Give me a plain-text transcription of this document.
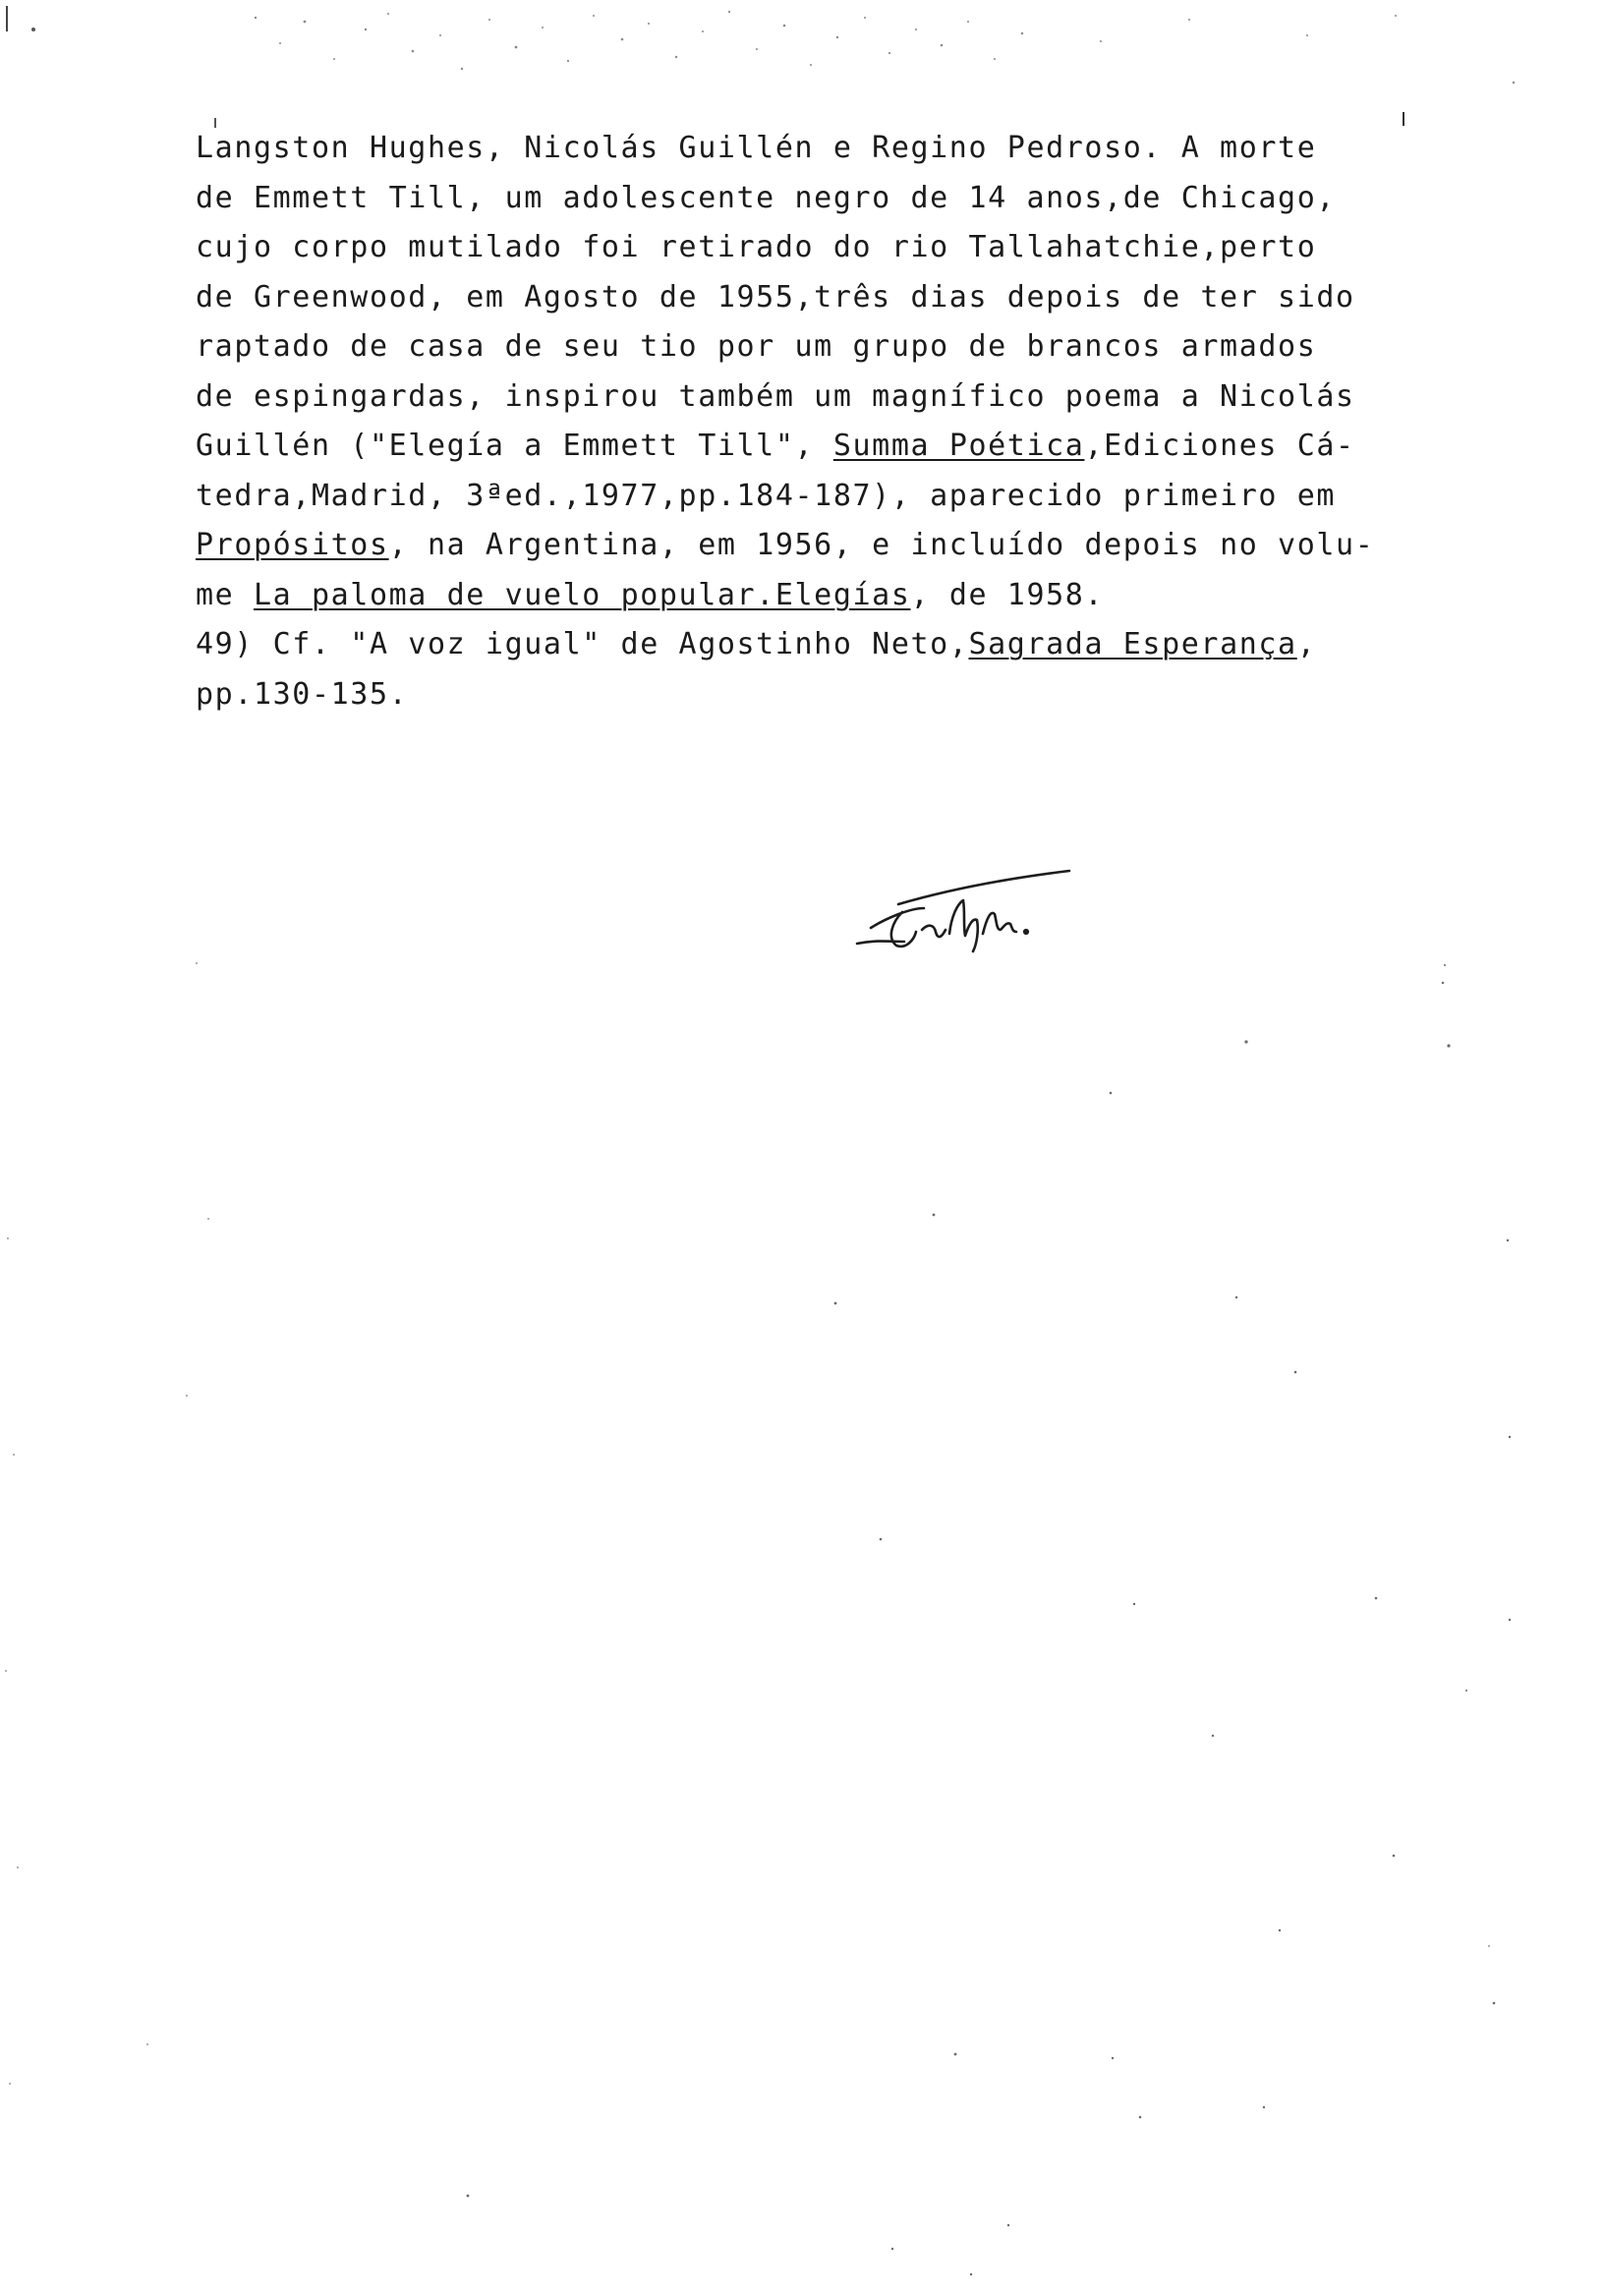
Langston Hughes, Nicolás Guillén e Regino Pedroso. A morte
de Emmett Till, um adolescente negro de 14 anos,de Chicago,
cujo corpo mutilado foi retirado do rio Tallahatchie,perto
de Greenwood, em Agosto de 1955,três dias depois de ter sido
raptado de casa de seu tio por um grupo de brancos armados
de espingardas, inspirou também um magnífico poema a Nicolás
Guillén ("Elegía a Emmett Till", Summa Poética,Ediciones Cá-
tedra,Madrid, 3ªed.,1977,pp.184-187), aparecido primeiro em
Propósitos, na Argentina, em 1956, e incluído depois no volu-
me La paloma de vuelo popular.Elegías, de 1958.
49) Cf. "A voz igual" de Agostinho Neto,Sagrada Esperança,
pp.130-135.
